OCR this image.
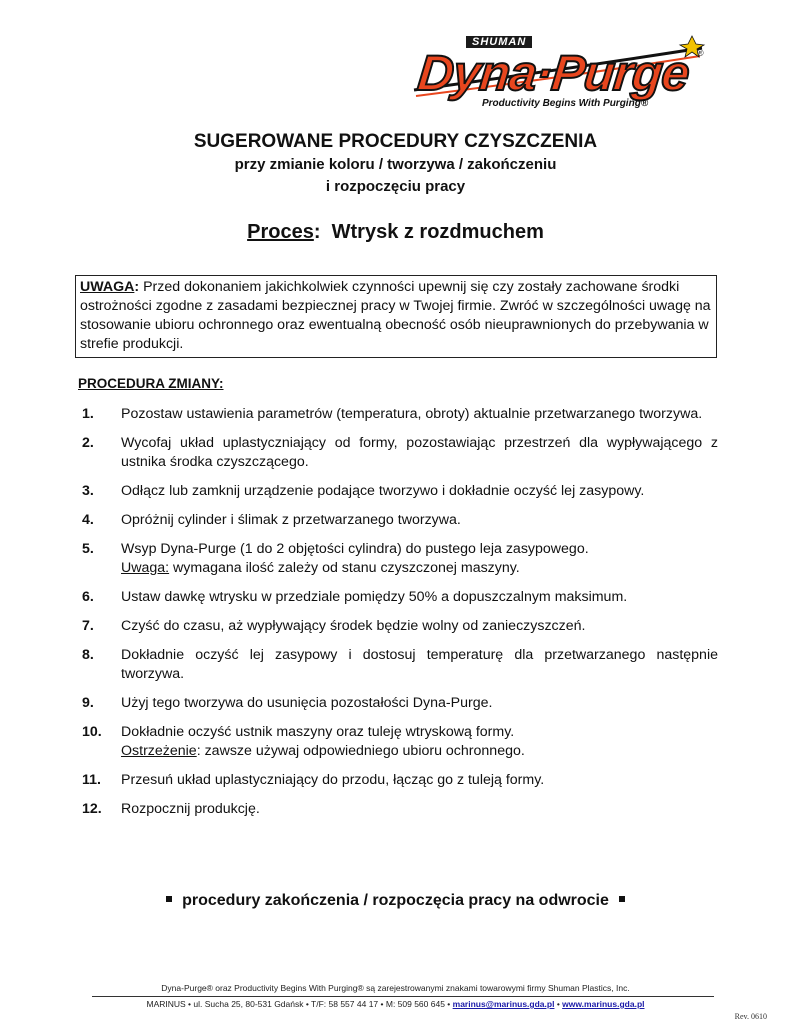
SHUMAN
Dyna·Purge ®
Productivity Begins With Purging®
SUGEROWANE PROCEDURY CZYSZCZENIA
przy zmianie koloru / tworzywa / zakończeniu
i rozpoczęciu pracy
Proces: Wtrysk z rozdmuchem
UWAGA: Przed dokonaniem jakichkolwiek czynności upewnij się czy zostały zachowane środki ostrożności zgodne z zasadami bezpiecznej pracy w Twojej firmie. Zwróć w szczególności uwagę na stosowanie ubioru ochronnego oraz ewentualną obecność osób nieuprawnionych do przebywania w strefie produkcji.
PROCEDURA ZMIANY:
1. Pozostaw ustawienia parametrów (temperatura, obroty) aktualnie przetwarzanego tworzywa.
2. Wycofaj układ uplastyczniający od formy, pozostawiając przestrzeń dla wypływającego z ustnika środka czyszczącego.
3. Odłącz lub zamknij urządzenie podające tworzywo i dokładnie oczyść lej zasypowy.
4. Opróżnij cylinder i ślimak z przetwarzanego tworzywa.
5. Wsyp Dyna-Purge (1 do 2 objętości cylindra) do pustego leja zasypowego.
Uwaga: wymagana ilość zależy od stanu czyszczonej maszyny.
6. Ustaw dawkę wtrysku w przedziale pomiędzy 50% a dopuszczalnym maksimum.
7. Czyść do czasu, aż wypływający środek będzie wolny od zanieczyszczeń.
8. Dokładnie oczyść lej zasypowy i dostosuj temperaturę dla przetwarzanego następnie tworzywa.
9. Użyj tego tworzywa do usunięcia pozostałości Dyna-Purge.
10. Dokładnie oczyść ustnik maszyny oraz tuleję wtryskową formy.
Ostrzeżenie: zawsze używaj odpowiedniego ubioru ochronnego.
11. Przesuń układ uplastyczniający do przodu, łącząc go z tuleją formy.
12. Rozpocznij produkcję.
procedury zakończenia / rozpoczęcia pracy na odwrocie
Dyna-Purge® oraz Productivity Begins With Purging® są zarejestrowanymi znakami towarowymi firmy Shuman Plastics, Inc.
MARINUS • ul. Sucha 25, 80-531 Gdańsk • T/F: 58 557 44 17 • M: 509 560 645 • marinus@marinus.gda.pl • www.marinus.gda.pl
Rev. 0610
